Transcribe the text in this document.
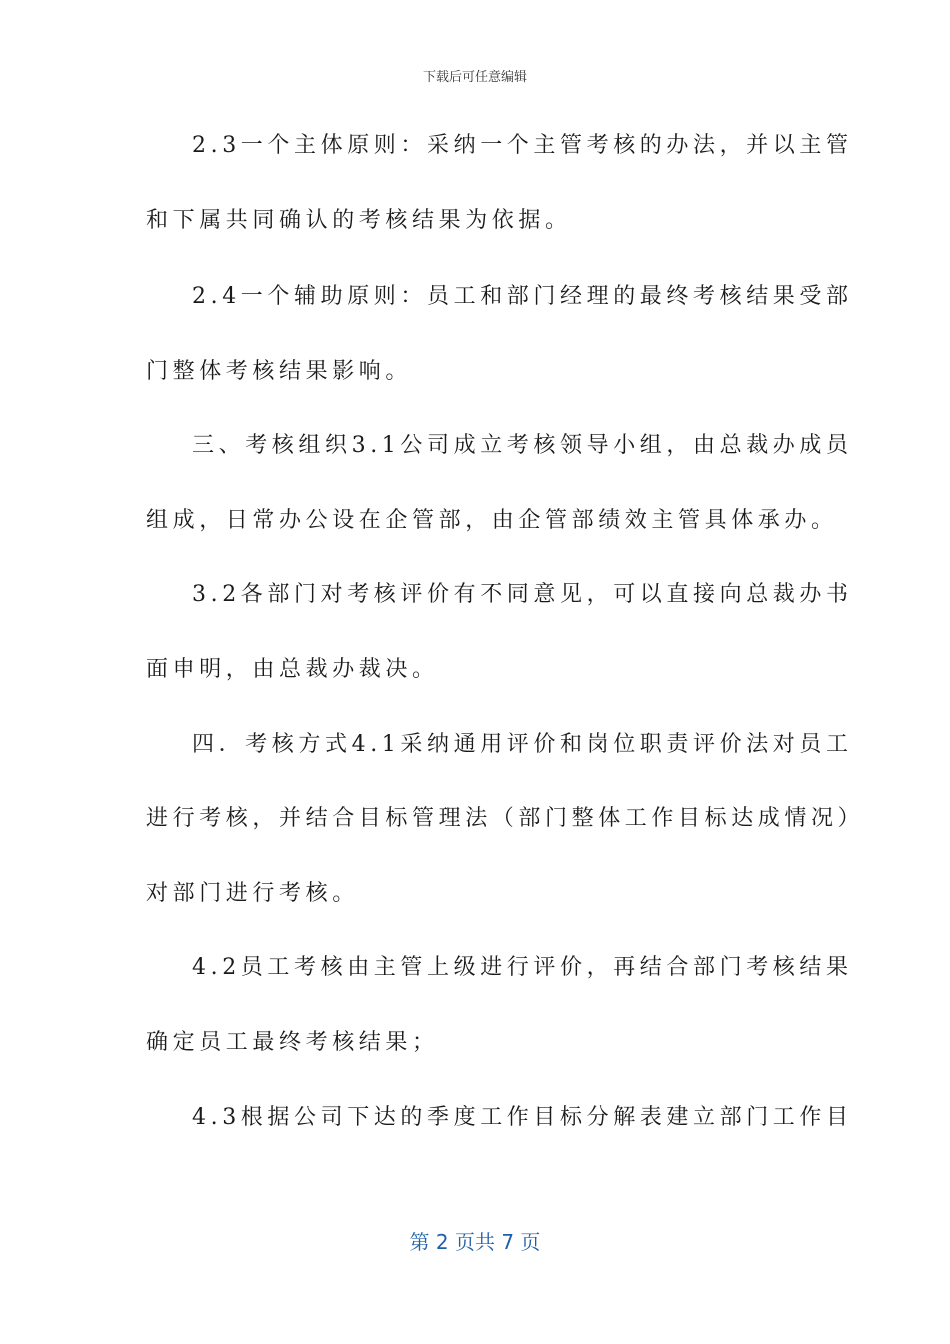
下载后可任意编辑
2.3一个主体原则：采纳一个主管考核的办法，并以主管
和下属共同确认的考核结果为依据。
2.4一个辅助原则：员工和部门经理的最终考核结果受部
门整体考核结果影响。
三、考核组织3.1公司成立考核领导小组，由总裁办成员
组成，日常办公设在企管部，由企管部绩效主管具体承办。
3.2各部门对考核评价有不同意见，可以直接向总裁办书
面申明，由总裁办裁决。
四．考核方式4.1采纳通用评价和岗位职责评价法对员工
进行考核，并结合目标管理法（部门整体工作目标达成情况）
对部门进行考核。
4.2员工考核由主管上级进行评价，再结合部门考核结果
确定员工最终考核结果；
4.3根据公司下达的季度工作目标分解表建立部门工作目
第 2 页共 7 页
